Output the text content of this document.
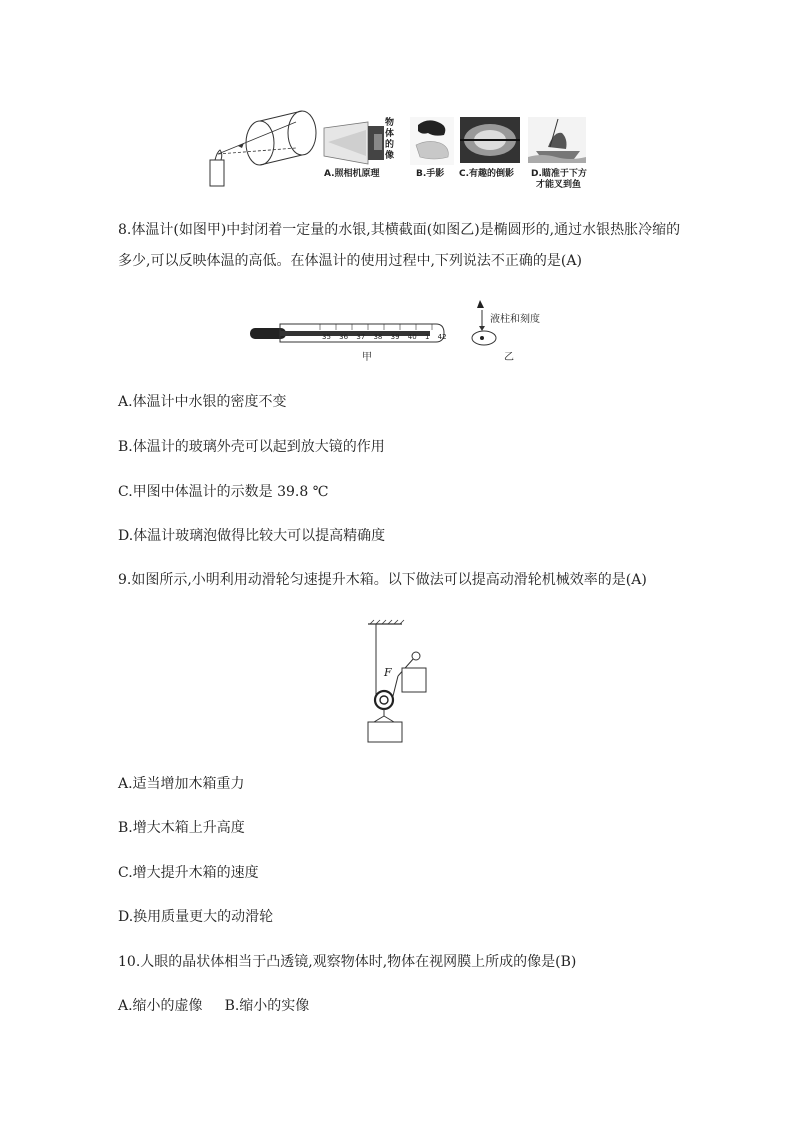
物体的像
A.照相机原理	B.手影 C.有趣的倒影 D.瞄准于下方
才能叉到鱼
8.体温计(如图甲)中封闭着一定量的水银,其横截面(如图乙)是椭圆形的,通过水银热胀冷缩的
多少,可以反映体温的高低。在体温计的使用过程中,下列说法不正确的是(A)
35 36 37 38 39 40 1 42
甲
液柱和刻度
乙
A.体温计中水银的密度不变
B.体温计的玻璃外壳可以起到放大镜的作用
C.甲图中体温计的示数是 39.8 ℃
D.体温计玻璃泡做得比较大可以提高精确度
9.如图所示,小明利用动滑轮匀速提升木箱。以下做法可以提高动滑轮机械效率的是(A)
F
A.适当增加木箱重力
B.增大木箱上升高度
C.增大提升木箱的速度
D.换用质量更大的动滑轮
10.人眼的晶状体相当于凸透镜,观察物体时,物体在视网膜上所成的像是(B)
A.缩小的虚像 B.缩小的实像
